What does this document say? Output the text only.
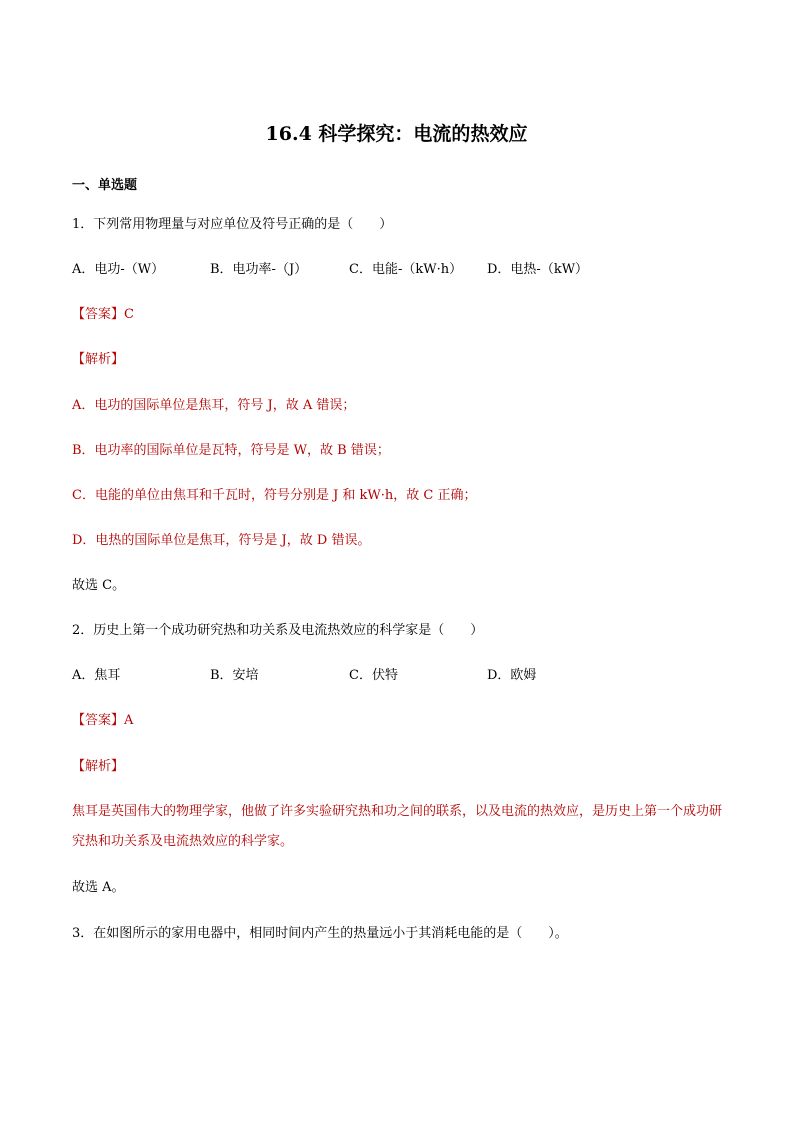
16.4 科学探究：电流的热效应
一、单选题
1．下列常用物理量与对应单位及符号正确的是（　　）
A．电功-（W）	B．电功率-（J）	C．电能-（kW·h） D．电热-（kW）
【答案】C
【解析】
A．电功的国际单位是焦耳，符号 J，故 A 错误；
B．电功率的国际单位是瓦特，符号是 W，故 B 错误；
C．电能的单位由焦耳和千瓦时，符号分别是 J 和 kW·h，故 C 正确；
D．电热的国际单位是焦耳，符号是 J，故 D 错误。
故选 C。
2．历史上第一个成功研究热和功关系及电流热效应的科学家是（　　）
A．焦耳	B．安培	C．伏特	D．欧姆
【答案】A
【解析】
焦耳是英国伟大的物理学家，他做了许多实验研究热和功之间的联系，以及电流的热效应，是历史上第一个成功研究热和功关系及电流热效应的科学家。
故选 A。
3．在如图所示的家用电器中，相同时间内产生的热量远小于其消耗电能的是（　　）。
